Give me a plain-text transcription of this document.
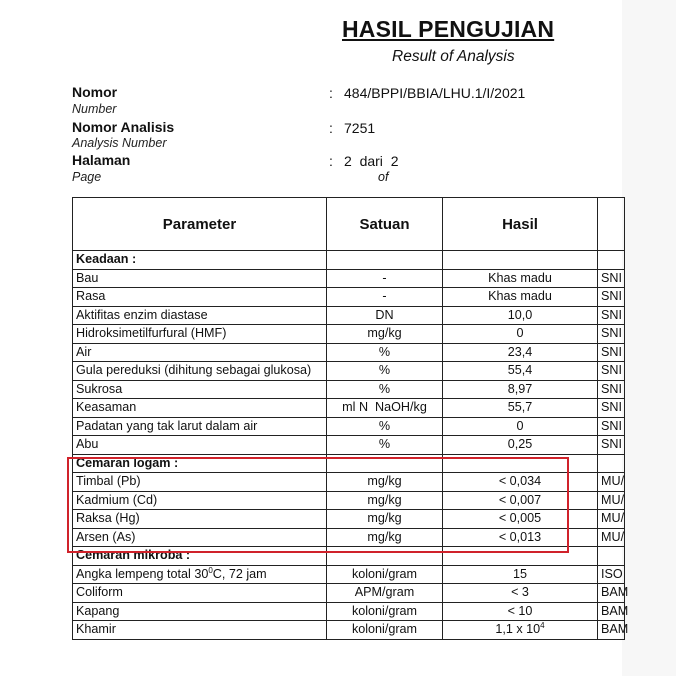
HASIL PENGUJIAN

Result of Analysis

Nomor
Number
: 484/BPPI/BBIA/LHU.1/I/2021
Nomor Analisis
Analysis Number
: 7251
Halaman
Page
: 2  dari  2
of
Parameter	Satuan	Hasil	
Keadaan :			
Bau	-	Khas madu	SNI
Rasa	-	Khas madu	SNI
Aktifitas enzim diastase	DN	10,0	SNI
Hidroksimetilfurfural (HMF)	mg/kg	0	SNI
Air	%	23,4	SNI
Gula pereduksi (dihitung sebagai glukosa)	%	55,4	SNI
Sukrosa	%	8,97	SNI
Keasaman	ml N  NaOH/kg	55,7	SNI
Padatan yang tak larut dalam air	%	0	SNI
Abu	%	0,25	SNI
Cemaran logam :			
Timbal (Pb)	mg/kg	< 0,034	MU/
Kadmium (Cd)	mg/kg	< 0,007	MU/
Raksa (Hg)	mg/kg	< 0,005	MU/
Arsen (As)	mg/kg	< 0,013	MU/
Cemaran mikroba :			
Angka lempeng total $30^0C$, 72 jam	koloni/gram	15	ISO
Coliform	APM/gram	< 3	BAM
Kapang	koloni/gram	< 10	BAM
Khamir	koloni/gram	1,1 x $10^4$	BAM
